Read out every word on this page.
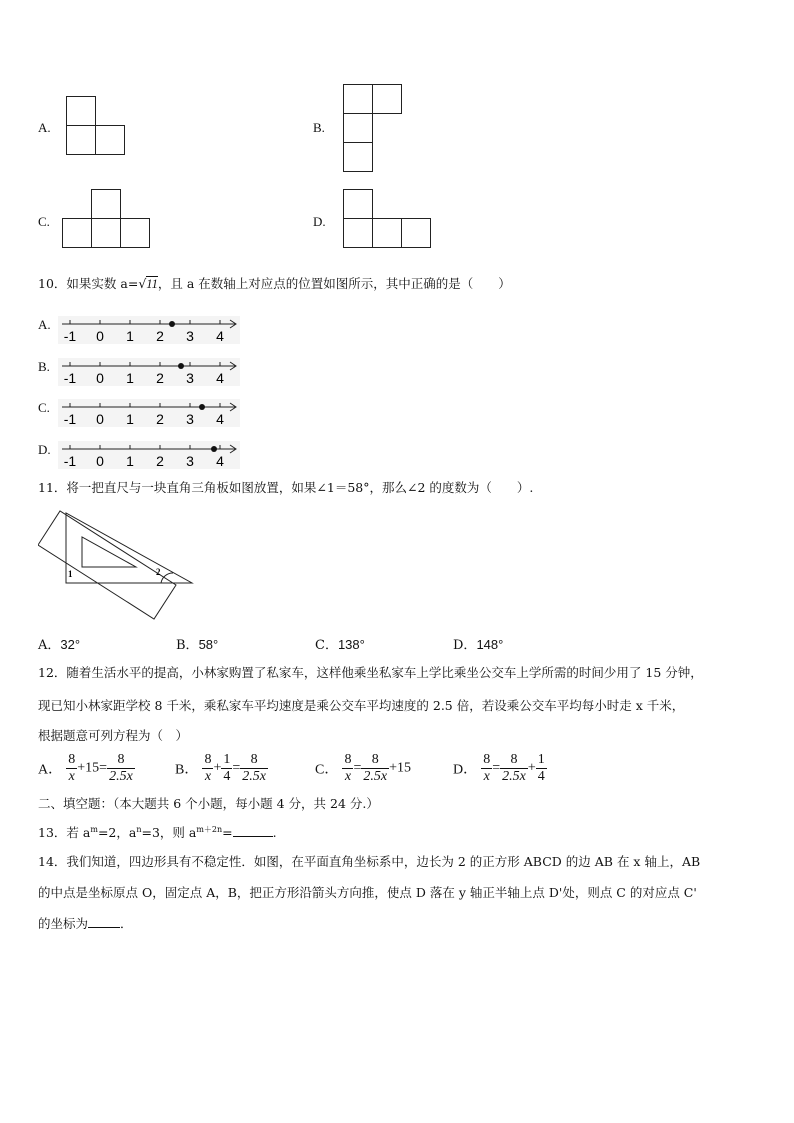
A.	B.
C.	D.
10．如果实数 a=√11，且 a 在数轴上对应点的位置如图所示，其中正确的是（　　）
A.
-1 0 1 2 3 4
B.
-1 0 1 2 3 4
C.
-1 0 1 2 3 4
D.
-1 0 1 2 3 4
11．将一把直尺与一块直角三角板如图放置，如果∠1＝58°，那么∠2 的度数为（　　）.
1	2
A．32°	B．58°	C．138°	D．148°
12．随着生活水平的提高，小林家购置了私家车，这样他乘坐私家车上学比乘坐公交车上学所需的时间少用了 15 分钟，
现已知小林家距学校 8 千米，乘私家车平均速度是乘公交车平均速度的 2.5 倍，若设乘公交车平均每小时走 x 千米，
根据题意可列方程为（　）
A． $\frac{8}{x} +15= \frac{8}{2.5x}$	B． $\frac{8}{x} + \frac{1}{4} = \frac{8}{2.5x}$	C． $\frac{8}{x} = \frac{8}{2.5x} +15$	D． $\frac{8}{x} = \frac{8}{2.5x} + \frac{1}{4}$
二、填空题：（本大题共 6 个小题，每小题 4 分，共 24 分.）
13．若 $a^m=2$，$a^n=3$，则 $a^{m+2n}=$	.
14．我们知道，四边形具有不稳定性．如图，在平面直角坐标系中，边长为 2 的正方形 ABCD 的边 AB 在 x 轴上，AB
的中点是坐标原点 O，固定点 A，B，把正方形沿箭头方向推，使点 D 落在 y 轴正半轴上点 D'处，则点 C 的对应点 C'
的坐标为	．
